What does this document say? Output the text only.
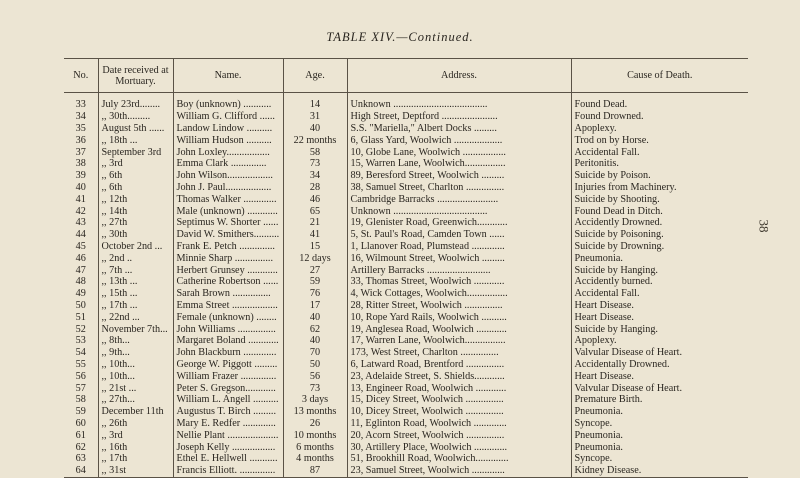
TABLE XIV.—Continued.
38
No.	Date received at Mortuary.	Name.	Age.	Address.	Cause of Death.

33	July 23rd........	Boy (unknown) ...........	14	Unknown .....................................	Found Dead.
34	,, 30th.........	William G. Clifford ......	31	High Street, Deptford ......................	Found Drowned.
35	August 5th ......	Landow Lindow ..........	40	S.S. "Mariella," Albert Docks .........	Apoplexy.
36	,, 18th ...	William Hudson ..........	22 months	6, Glass Yard, Woolwich ...................	Trod on by Horse.
37	September 3rd	John Loxley.................	58	10, Globe Lane, Woolwich .................	Accidental Fall.
38	,, 3rd	Emma Clark ..............	73	15, Warren Lane, Woolwich................	Peritonitis.
39	,, 6th	John Wilson..................	34	89, Beresford Street, Woolwich .........	Suicide by Poison.
40	,, 6th	John J. Paul..................	28	38, Samuel Street, Charlton ...............	Injuries from Machinery.
41	,, 12th	Thomas Walker .............	46	Cambridge Barracks ........................	Suicide by Shooting.
42	,, 14th	Male (unknown) ............	65	Unknown .....................................	Found Dead in Ditch.
43	,, 27th	Septimus W. Shorter ......	21	19, Glenister Road, Greenwich............	Accidently Drowned.
44	,, 30th	David W. Smithers..........	41	5, St. Paul's Road, Camden Town ......	Suicide by Poisoning.
45	October 2nd ...	Frank E. Petch ..............	15	1, Llanover Road, Plumstead .............	Suicide by Drowning.
46	,, 2nd ..	Minnie Sharp ...............	12 days	16, Wilmount Street, Woolwich .........	Pneumonia.
47	,, 7th ...	Herbert Grunsey ............	27	Artillery Barracks .........................	Suicide by Hanging.
48	,, 13th ...	Catherine Robertson ......	59	33, Thomas Street, Woolwich ............	Accidently burned.
49	,, 15th ...	Sarah Brown ...............	76	4, Wick Cottages, Woolwich................	Accidental Fall.
50	,, 17th ...	Emma Street ..................	17	28, Ritter Street, Woolwich ...............	Heart Disease.
51	,, 22nd ...	Female (unknown) ........	40	10, Rope Yard Rails, Woolwich ..........	Heart Disease.
52	November 7th...	John Williams ...............	62	19, Anglesea Road, Woolwich ............	Suicide by Hanging.
53	,, 8th...	Margaret Boland ............	40	17, Warren Lane, Woolwich................	Apoplexy.
54	,, 9th...	John Blackburn .............	70	173, West Street, Charlton ...............	Valvular Disease of Heart.
55	,, 10th...	George W. Piggott .........	50	6, Latward Road, Brentford ...............	Accidentally Drowned.
56	,, 10th...	William Frazer ..............	56	23, Adelaide Street, S. Shields............	Heart Disease.
57	,, 21st ...	Peter S. Gregson............	73	13, Engineer Road, Woolwich ............	Valvular Disease of Heart.
58	,, 27th...	William L. Angell ..........	3 days	15, Dicey Street, Woolwich ...............	Premature Birth.
59	December 11th	Augustus T. Birch .........	13 months	10, Dicey Street, Woolwich ...............	Pneumonia.
60	,, 26th	Mary E. Redfer .............	26	11, Eglinton Road, Woolwich .............	Syncope.
61	,, 3rd	Nellie Plant ....................	10 months	20, Acorn Street, Woolwich ...............	Pneumonia.
62	,, 16th	Joseph Kelly .................	6 months	30, Artillery Place, Woolwich .............	Pneumonia.
63	,, 17th	Ethel E. Hellwell ...........	4 months	51, Brookhill Road, Woolwich.............	Syncope.
64	,, 31st	Francis Elliott. ..............	87	23, Samuel Street, Woolwich .............	Kidney Disease.
